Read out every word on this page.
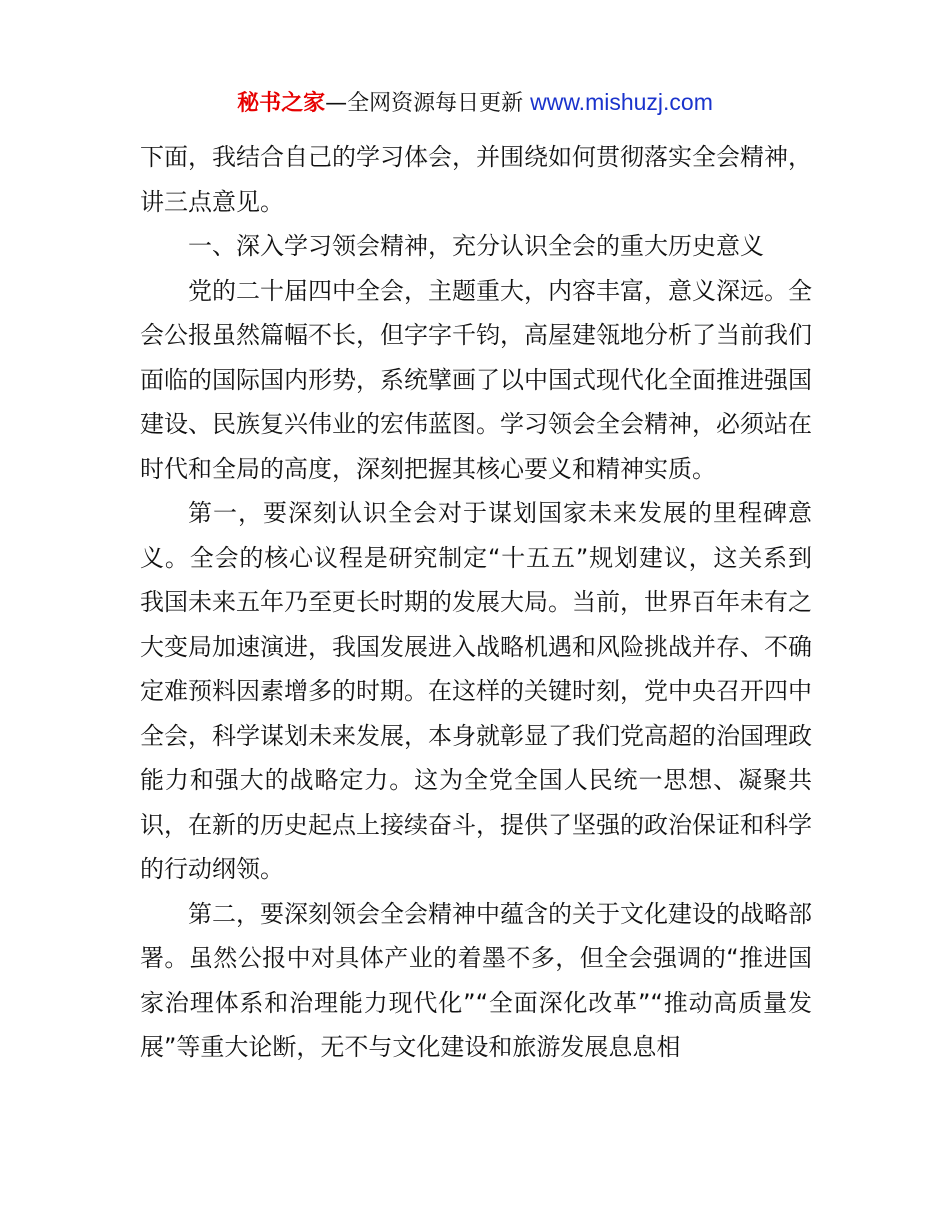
秘书之家—全网资源每日更新 www.mishuzj.com

下面，我结合自己的学习体会，并围绕如何贯彻落实全会精神，讲三点意见。

一、深入学习领会精神，充分认识全会的重大历史意义

党的二十届四中全会，主题重大，内容丰富，意义深远。全会公报虽然篇幅不长，但字字千钧，高屋建瓴地分析了当前我们面临的国际国内形势，系统擘画了以中国式现代化全面推进强国建设、民族复兴伟业的宏伟蓝图。学习领会全会精神，必须站在时代和全局的高度，深刻把握其核心要义和精神实质。

第一，要深刻认识全会对于谋划国家未来发展的里程碑意义。全会的核心议程是研究制定“十五五”规划建议，这关系到我国未来五年乃至更长时期的发展大局。当前，世界百年未有之大变局加速演进，我国发展进入战略机遇和风险挑战并存、不确定难预料因素增多的时期。在这样的关键时刻，党中央召开四中全会，科学谋划未来发展，本身就彰显了我们党高超的治国理政能力和强大的战略定力。这为全党全国人民统一思想、凝聚共识，在新的历史起点上接续奋斗，提供了坚强的政治保证和科学的行动纲领。

第二，要深刻领会全会精神中蕴含的关于文化建设的战略部署。虽然公报中对具体产业的着墨不多，但全会强调的“推进国家治理体系和治理能力现代化”“全面深化改革”“推动高质量发展”等重大论断，无不与文化建设和旅游发展息息相
